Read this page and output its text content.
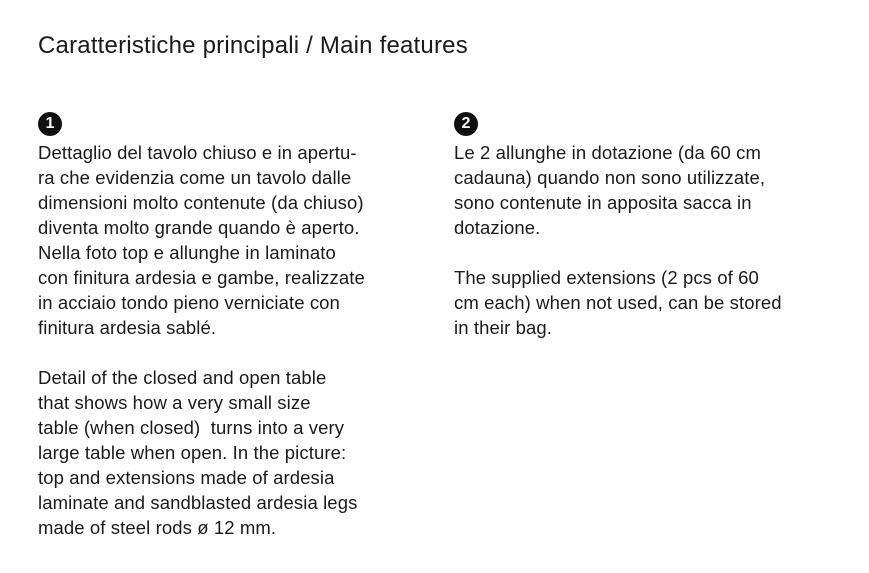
Caratteristiche principali / Main features
1

Dettaglio del tavolo chiuso e in apertu-
ra che evidenzia come un tavolo dalle
dimensioni molto contenute (da chiuso)
diventa molto grande quando è aperto.
Nella foto top e allunghe in laminato
con finitura ardesia e gambe, realizzate
in acciaio tondo pieno verniciate con
finitura ardesia sablé.

Detail of the closed and open table
that shows how a very small size
table (when closed)  turns into a very
large table when open. In the picture:
top and extensions made of ardesia
laminate and sandblasted ardesia legs
made of steel rods ø 12 mm.

2

Le 2 allunghe in dotazione (da 60 cm
cadauna) quando non sono utilizzate,
sono contenute in apposita sacca in
dotazione.

The supplied extensions (2 pcs of 60
cm each) when not used, can be stored
in their bag.
